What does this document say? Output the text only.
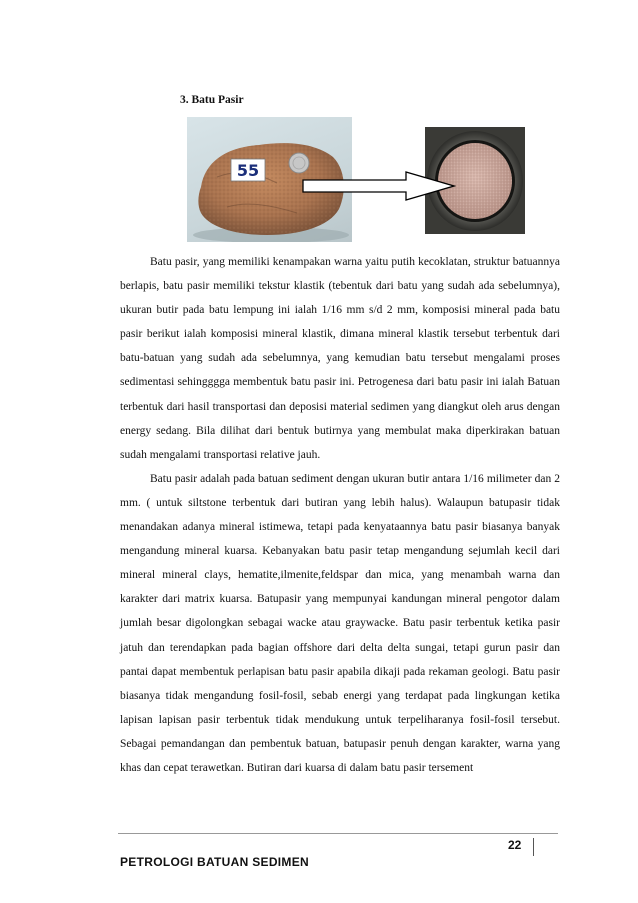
3. Batu Pasir
55

Batu pasir, yang memiliki kenampakan warna yaitu putih kecoklatan, struktur batuannya berlapis, batu pasir memiliki tekstur klastik (tebentuk dari batu yang sudah ada sebelumnya), ukuran butir pada batu lempung ini ialah 1/16 mm s/d 2 mm, komposisi mineral pada batu pasir berikut ialah komposisi mineral klastik, dimana mineral klastik tersebut terbentuk dari batu-batuan yang sudah ada sebelumnya, yang kemudian batu tersebut mengalami proses sedimentasi sehingggga membentuk batu pasir ini. Petrogenesa dari batu pasir ini ialah Batuan terbentuk dari hasil transportasi dan deposisi material sedimen yang diangkut oleh arus dengan energy sedang. Bila dilihat dari bentuk butirnya yang membulat maka diperkirakan batuan sudah mengalami transportasi relative jauh.

Batu pasir adalah pada batuan sediment dengan ukuran butir antara 1/16 milimeter dan 2 mm. ( untuk siltstone terbentuk dari butiran yang lebih halus). Walaupun batupasir tidak menandakan adanya mineral istimewa, tetapi pada kenyataannya batu pasir biasanya banyak mengandung mineral kuarsa. Kebanyakan batu pasir tetap mengandung sejumlah kecil dari mineral mineral clays, hematite,ilmenite,feldspar dan mica, yang menambah warna dan karakter dari matrix kuarsa. Batupasir yang mempunyai kandungan mineral pengotor dalam jumlah besar digolongkan sebagai wacke atau graywacke. Batu pasir terbentuk ketika pasir jatuh dan terendapkan pada bagian offshore dari delta delta sungai, tetapi gurun pasir dan pantai dapat membentuk perlapisan batu pasir apabila dikaji pada rekaman geologi. Batu pasir biasanya tidak mengandung fosil-fosil, sebab energi yang terdapat pada lingkungan ketika lapisan lapisan pasir terbentuk tidak mendukung untuk terpeliharanya fosil-fosil tersebut. Sebagai pemandangan dan pembentuk batuan, batupasir penuh dengan karakter, warna yang khas dan cepat terawetkan. Butiran dari kuarsa di dalam batu pasir tersement

22
PETROLOGI BATUAN SEDIMEN
